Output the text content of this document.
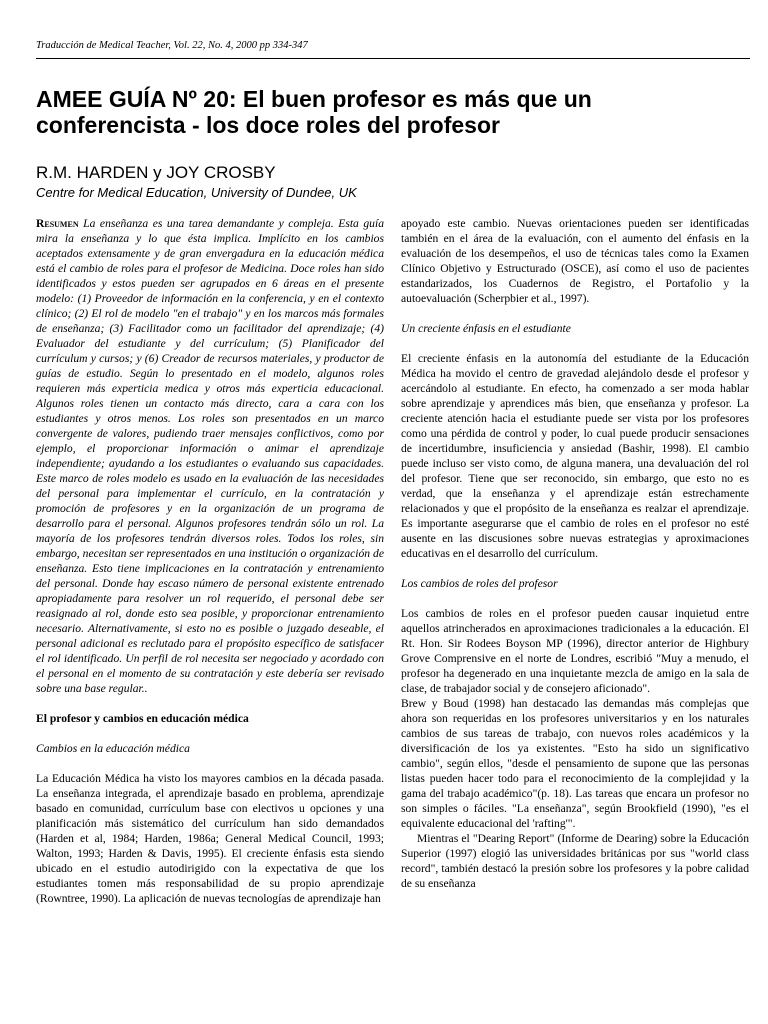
Traducción de Medical Teacher, Vol. 22, No. 4, 2000 pp 334-347
AMEE GUÍA Nº 20: El buen profesor es más que un conferencista - los doce roles del profesor
R.M. HARDEN y JOY CROSBY
Centre for Medical Education, University of Dundee, UK

Resumen La enseñanza es una tarea demandante y compleja. Esta guía mira la enseñanza y lo que ésta implica. Implícito en los cambios aceptados extensamente y de gran envergadura en la educación médica está el cambio de roles para el profesor de Medicina. Doce roles han sido identificados y estos pueden ser agrupados en 6 áreas en el presente modelo: (1) Proveedor de información en la conferencia, y en el contexto clínico; (2) El rol de modelo "en el trabajo" y en los marcos más formales de enseñanza; (3) Facilitador como un facilitador del aprendizaje; (4) Evaluador del estudiante y del currículum; (5) Planificador del currículum y cursos; y (6) Creador de recursos materiales, y productor de guías de estudio. Según lo presentado en el modelo, algunos roles requieren más experticia medica y otros más experticia educacional. Algunos roles tienen un contacto más directo, cara a cara con los estudiantes y otros menos. Los roles son presentados en un marco convergente de valores, pudiendo traer mensajes conflictivos, como por ejemplo, el proporcionar información o animar el aprendizaje independiente; ayudando a los estudiantes o evaluando sus capacidades. Este marco de roles modelo es usado en la evaluación de las necesidades del personal para implementar el currículo, en la contratación y promoción de profesores y en la organización de un programa de desarrollo para el personal. Algunos profesores tendrán sólo un rol. La mayoría de los profesores tendrán diversos roles. Todos los roles, sin embargo, necesitan ser representados en una institución o organización de enseñanza. Esto tiene implicaciones en la contratación y entrenamiento del personal. Donde hay escaso número de personal existente entrenado apropiadamente para resolver un rol requerido, el personal debe ser reasignado al rol, donde esto sea posible, y proporcionar entrenamiento necesario. Alternativamente, si esto no es posible o juzgado deseable, el personal adicional es reclutado para el propósito específico de satisfacer el rol identificado. Un perfil de rol necesita ser negociado y acordado con el personal en el momento de su contratación y este debería ser revisado sobre una base regular..

El profesor y cambios en educación médica

Cambios en la educación médica

La Educación Médica ha visto los mayores cambios en la década pasada. La enseñanza integrada, el aprendizaje basado en problema, aprendizaje basado en comunidad, currículum base con electivos u opciones y una planificación más sistemático del currículum han sido demandados (Harden et al, 1984; Harden, 1986a; General Medical Council, 1993; Walton, 1993; Harden & Davis, 1995). El creciente énfasis esta siendo ubicado en el estudio autodirigido con la expectativa de que los estudiantes tomen más responsabilidad de su propio aprendizaje (Rowntree, 1990). La aplicación de nuevas tecnologías de aprendizaje han

apoyado este cambio. Nuevas orientaciones pueden ser identificadas también en el área de la evaluación, con el aumento del énfasis en la evaluación de los desempeños, el uso de técnicas tales como la Examen Clínico Objetivo y Estructurado (OSCE), así como el uso de pacientes estandarizados, los Cuadernos de Registro, el Portafolio y la autoevaluación (Scherpbier et al., 1997).

Un creciente énfasis en el estudiante

El creciente énfasis en la autonomía del estudiante de la Educación Médica ha movido el centro de gravedad alejándolo desde el profesor y acercándolo al estudiante. En efecto, ha comenzado a ser moda hablar sobre aprendizaje y aprendices más bien, que enseñanza y profesor. La creciente atención hacia el estudiante puede ser vista por los profesores como una pérdida de control y poder, lo cual puede producir sensaciones de incertidumbre, insuficiencia y ansiedad (Bashir, 1998). El cambio puede incluso ser visto como, de alguna manera, una devaluación del rol del profesor. Tiene que ser reconocido, sin embargo, que esto no es verdad, que la enseñanza y el aprendizaje están estrechamente relacionados y que el propósito de la enseñanza es realzar el aprendizaje. Es importante asegurarse que el cambio de roles en el profesor no esté ausente en las discusiones sobre nuevas estrategias y aproximaciones educativas en el desarrollo del currículum.

Los cambios de roles del profesor

Los cambios de roles en el profesor pueden causar inquietud entre aquellos atrincherados en aproximaciones tradicionales a la educación. El Rt. Hon. Sir Rodees Boyson MP (1996), director anterior de Highbury Grove Comprensive en el norte de Londres, escribió "Muy a menudo, el profesor ha degenerado en una inquietante mezcla de amigo en la sala de clase, de trabajador social y de consejero aficionado".

Brew y Boud (1998) han destacado las demandas más complejas que ahora son requeridas en los profesores universitarios y en los naturales cambios de sus tareas de trabajo, con nuevos roles académicos y la diversificación de los ya existentes. "Esto ha sido un significativo cambio", según ellos, "desde el pensamiento de supone que las personas listas pueden hacer todo para el reconocimiento de la complejidad y la gama del trabajo académico"(p. 18). Las tareas que encara un profesor no son simples o fáciles. "La enseñanza", según Brookfield (1990), "es el equivalente educacional del 'rafting'".

Mientras el "Dearing Report" (Informe de Dearing) sobre la Educación Superior (1997) elogió las universidades británicas por sus "world class record", también destacó la presión sobre los profesores y la pobre calidad de su enseñanza
